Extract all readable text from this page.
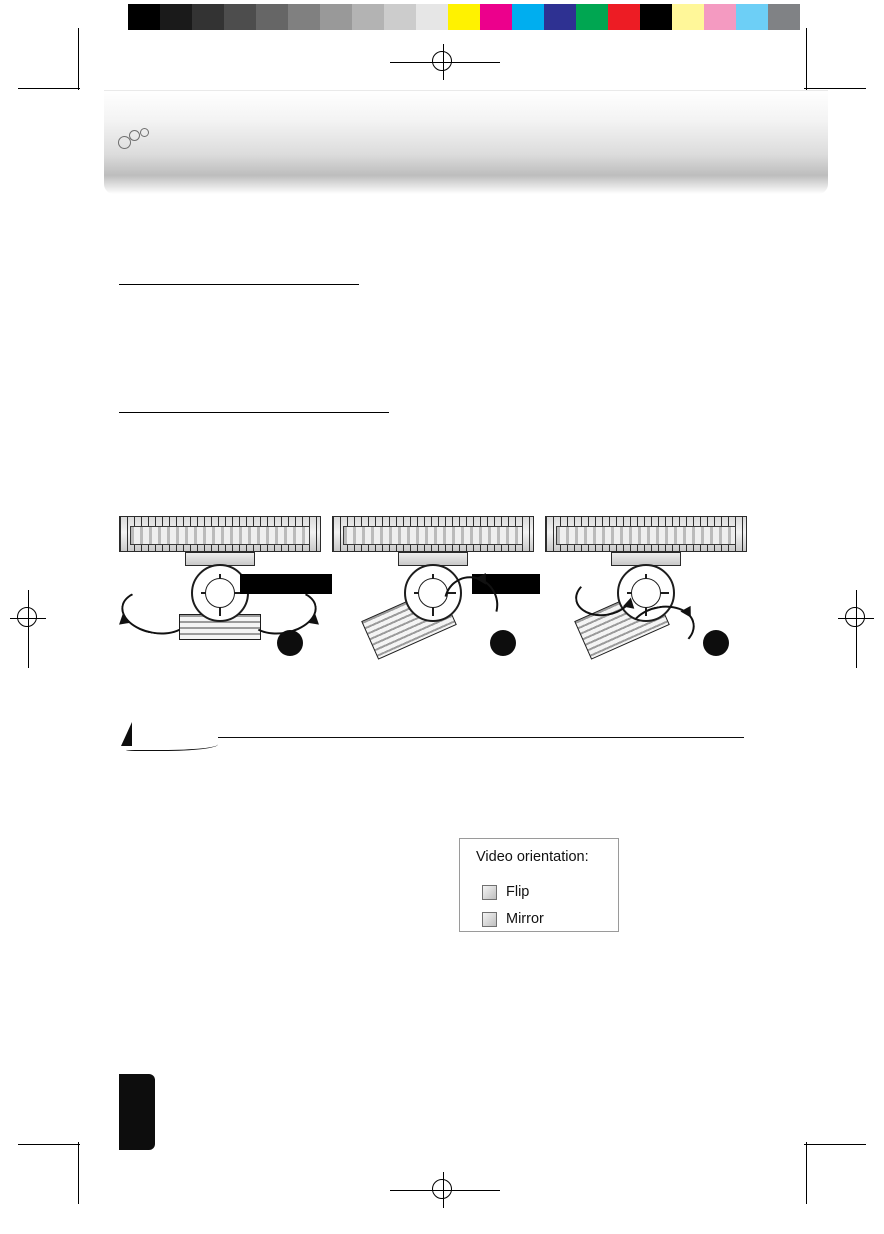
Video orientation:
Flip
Mirror
